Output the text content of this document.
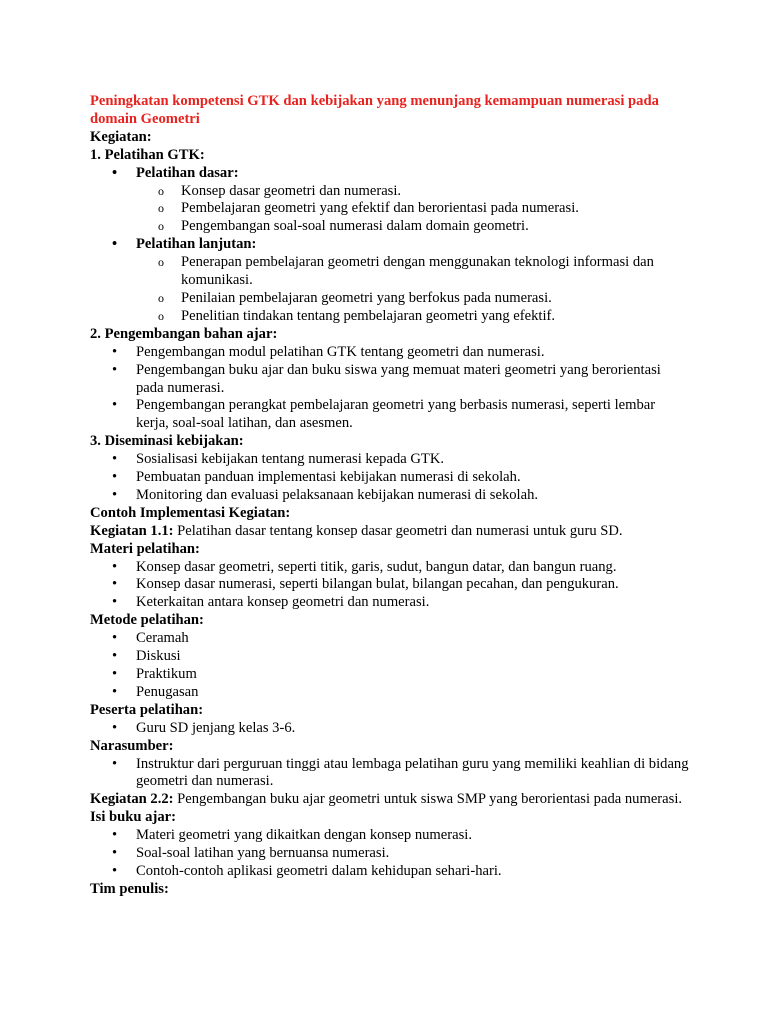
Peningkatan kompetensi GTK dan kebijakan yang menunjang kemampuan numerasi pada domain Geometri
Kegiatan:
1. Pelatihan GTK:
• Pelatihan dasar:
o Konsep dasar geometri dan numerasi.
o Pembelajaran geometri yang efektif dan berorientasi pada numerasi.
o Pengembangan soal-soal numerasi dalam domain geometri.
• Pelatihan lanjutan:
o Penerapan pembelajaran geometri dengan menggunakan teknologi informasi dan komunikasi.
o Penilaian pembelajaran geometri yang berfokus pada numerasi.
o Penelitian tindakan tentang pembelajaran geometri yang efektif.
2. Pengembangan bahan ajar:
• Pengembangan modul pelatihan GTK tentang geometri dan numerasi.
• Pengembangan buku ajar dan buku siswa yang memuat materi geometri yang berorientasi pada numerasi.
• Pengembangan perangkat pembelajaran geometri yang berbasis numerasi, seperti lembar kerja, soal-soal latihan, dan asesmen.
3. Diseminasi kebijakan:
• Sosialisasi kebijakan tentang numerasi kepada GTK.
• Pembuatan panduan implementasi kebijakan numerasi di sekolah.
• Monitoring dan evaluasi pelaksanaan kebijakan numerasi di sekolah.
Contoh Implementasi Kegiatan:
Kegiatan 1.1: Pelatihan dasar tentang konsep dasar geometri dan numerasi untuk guru SD.
Materi pelatihan:
• Konsep dasar geometri, seperti titik, garis, sudut, bangun datar, dan bangun ruang.
• Konsep dasar numerasi, seperti bilangan bulat, bilangan pecahan, dan pengukuran.
• Keterkaitan antara konsep geometri dan numerasi.
Metode pelatihan:
• Ceramah
• Diskusi
• Praktikum
• Penugasan
Peserta pelatihan:
• Guru SD jenjang kelas 3-6.
Narasumber:
• Instruktur dari perguruan tinggi atau lembaga pelatihan guru yang memiliki keahlian di bidang geometri dan numerasi.
Kegiatan 2.2: Pengembangan buku ajar geometri untuk siswa SMP yang berorientasi pada numerasi.
Isi buku ajar:
• Materi geometri yang dikaitkan dengan konsep numerasi.
• Soal-soal latihan yang bernuansa numerasi.
• Contoh-contoh aplikasi geometri dalam kehidupan sehari-hari.
Tim penulis:
